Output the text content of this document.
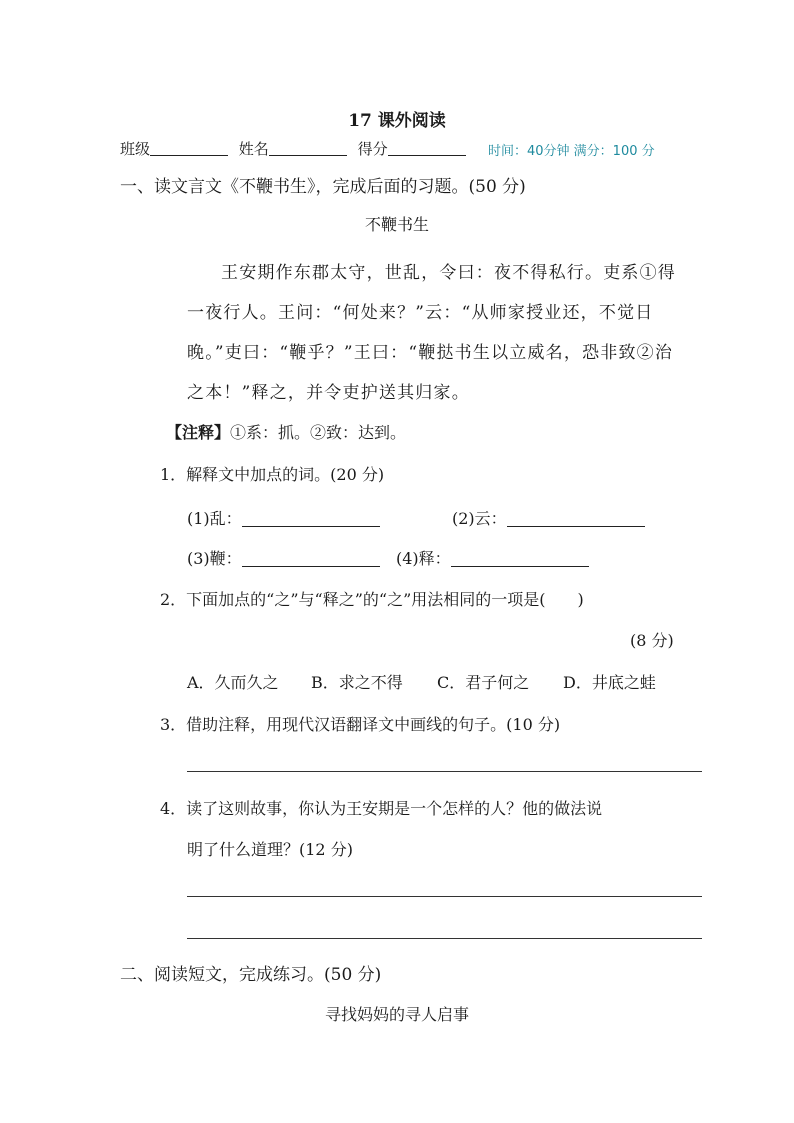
17 课外阅读
班级	姓名	得分	时间：40分钟 满分：100 分
一、读文言文《不鞭书生》，完成后面的习题。(50 分)
不鞭书生

王安期作东郡太守，世乱，令曰：夜不得私行。吏系①得一夜行人。王问：“何处来？”云：“从师家授业还，不觉日晚。”吏曰：“鞭乎？”王曰：“鞭挞书生以立威名，恐非致②治之本！”释之，并令吏护送其归家。

【注释】①系：抓。②致：达到。
1．解释文中加点的词。(20 分)
(1)乱：	(2)云：
(3)鞭：	(4)释：
2．下面加点的“之”与“释之”的“之”用法相同的一项是(　　)
(8 分)
A．久而久之 B．求之不得 C．君子何之 D．井底之蛙
3．借助注释，用现代汉语翻译文中画线的句子。(10 分)
4．读了这则故事，你认为王安期是一个怎样的人？他的做法说
明了什么道理？(12 分)
二、阅读短文，完成练习。(50 分)
寻找妈妈的寻人启事
